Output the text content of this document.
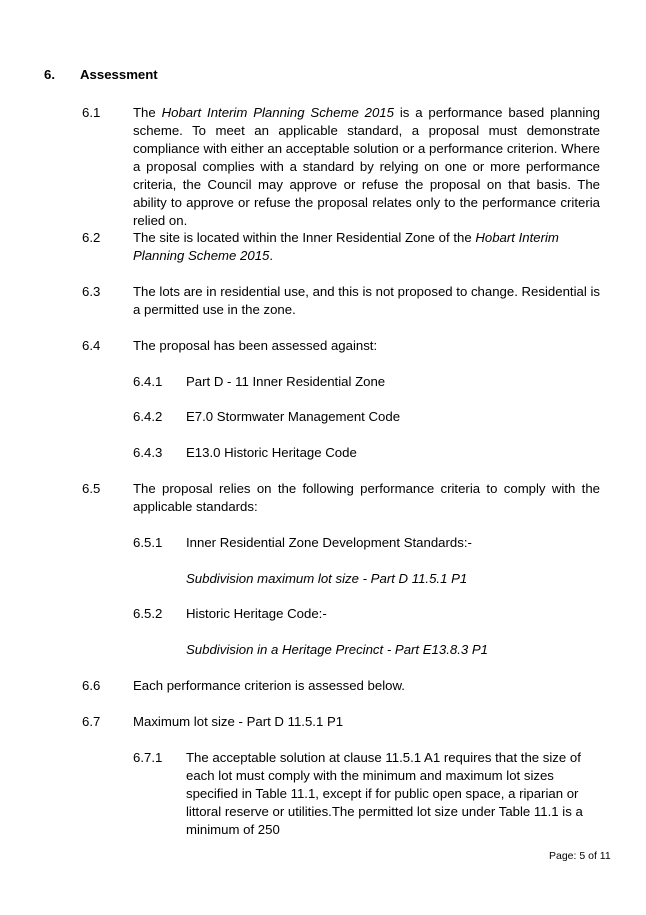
6. Assessment
6.1 The Hobart Interim Planning Scheme 2015 is a performance based planning scheme. To meet an applicable standard, a proposal must demonstrate compliance with either an acceptable solution or a performance criterion. Where a proposal complies with a standard by relying on one or more performance criteria, the Council may approve or refuse the proposal on that basis. The ability to approve or refuse the proposal relates only to the performance criteria relied on.
6.2 The site is located within the Inner Residential Zone of the Hobart Interim Planning Scheme 2015.
6.3 The lots are in residential use, and this is not proposed to change. Residential is a permitted use in the zone.
6.4 The proposal has been assessed against:
6.4.1 Part D - 11 Inner Residential Zone
6.4.2 E7.0 Stormwater Management Code
6.4.3 E13.0 Historic Heritage Code
6.5 The proposal relies on the following performance criteria to comply with the applicable standards:
6.5.1 Inner Residential Zone Development Standards:-
Subdivision maximum lot size - Part D 11.5.1 P1
6.5.2 Historic Heritage Code:-
Subdivision in a Heritage Precinct - Part E13.8.3 P1
6.6 Each performance criterion is assessed below.
6.7 Maximum lot size - Part D 11.5.1 P1
6.7.1 The acceptable solution at clause 11.5.1 A1 requires that the size of each lot must comply with the minimum and maximum lot sizes specified in Table 11.1, except if for public open space, a riparian or littoral reserve or utilities.The permitted lot size under Table 11.1 is a minimum of 250
Page: 5 of 11
